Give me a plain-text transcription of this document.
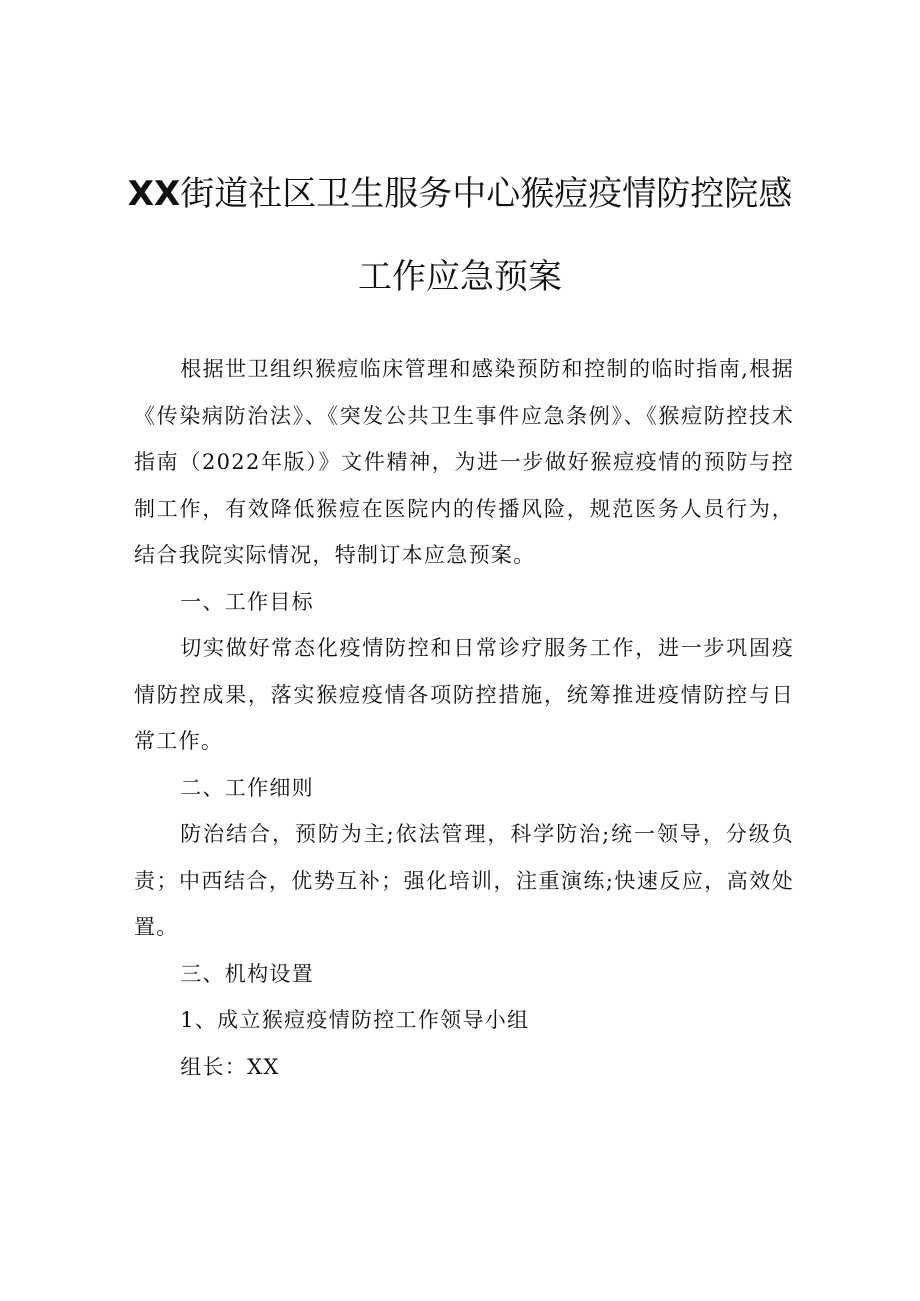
XX街道社区卫生服务中心猴痘疫情防控院感
工作应急预案

根据世卫组织猴痘临床管理和感染预防和控制的临时指南,根据《传染病防治法》、《突发公共卫生事件应急条例》、《猴痘防控技术指南（2022年版）》文件精神，为进一步做好猴痘疫情的预防与控制工作，有效降低猴痘在医院内的传播风险，规范医务人员行为，结合我院实际情况，特制订本应急预案。

一、工作目标

切实做好常态化疫情防控和日常诊疗服务工作，进一步巩固疫情防控成果，落实猴痘疫情各项防控措施，统筹推进疫情防控与日常工作。

二、工作细则

防治结合，预防为主;依法管理，科学防治;统一领导，分级负责；中西结合，优势互补；强化培训，注重演练;快速反应，高效处置。

三、机构设置

1、成立猴痘疫情防控工作领导小组

组长：XX
